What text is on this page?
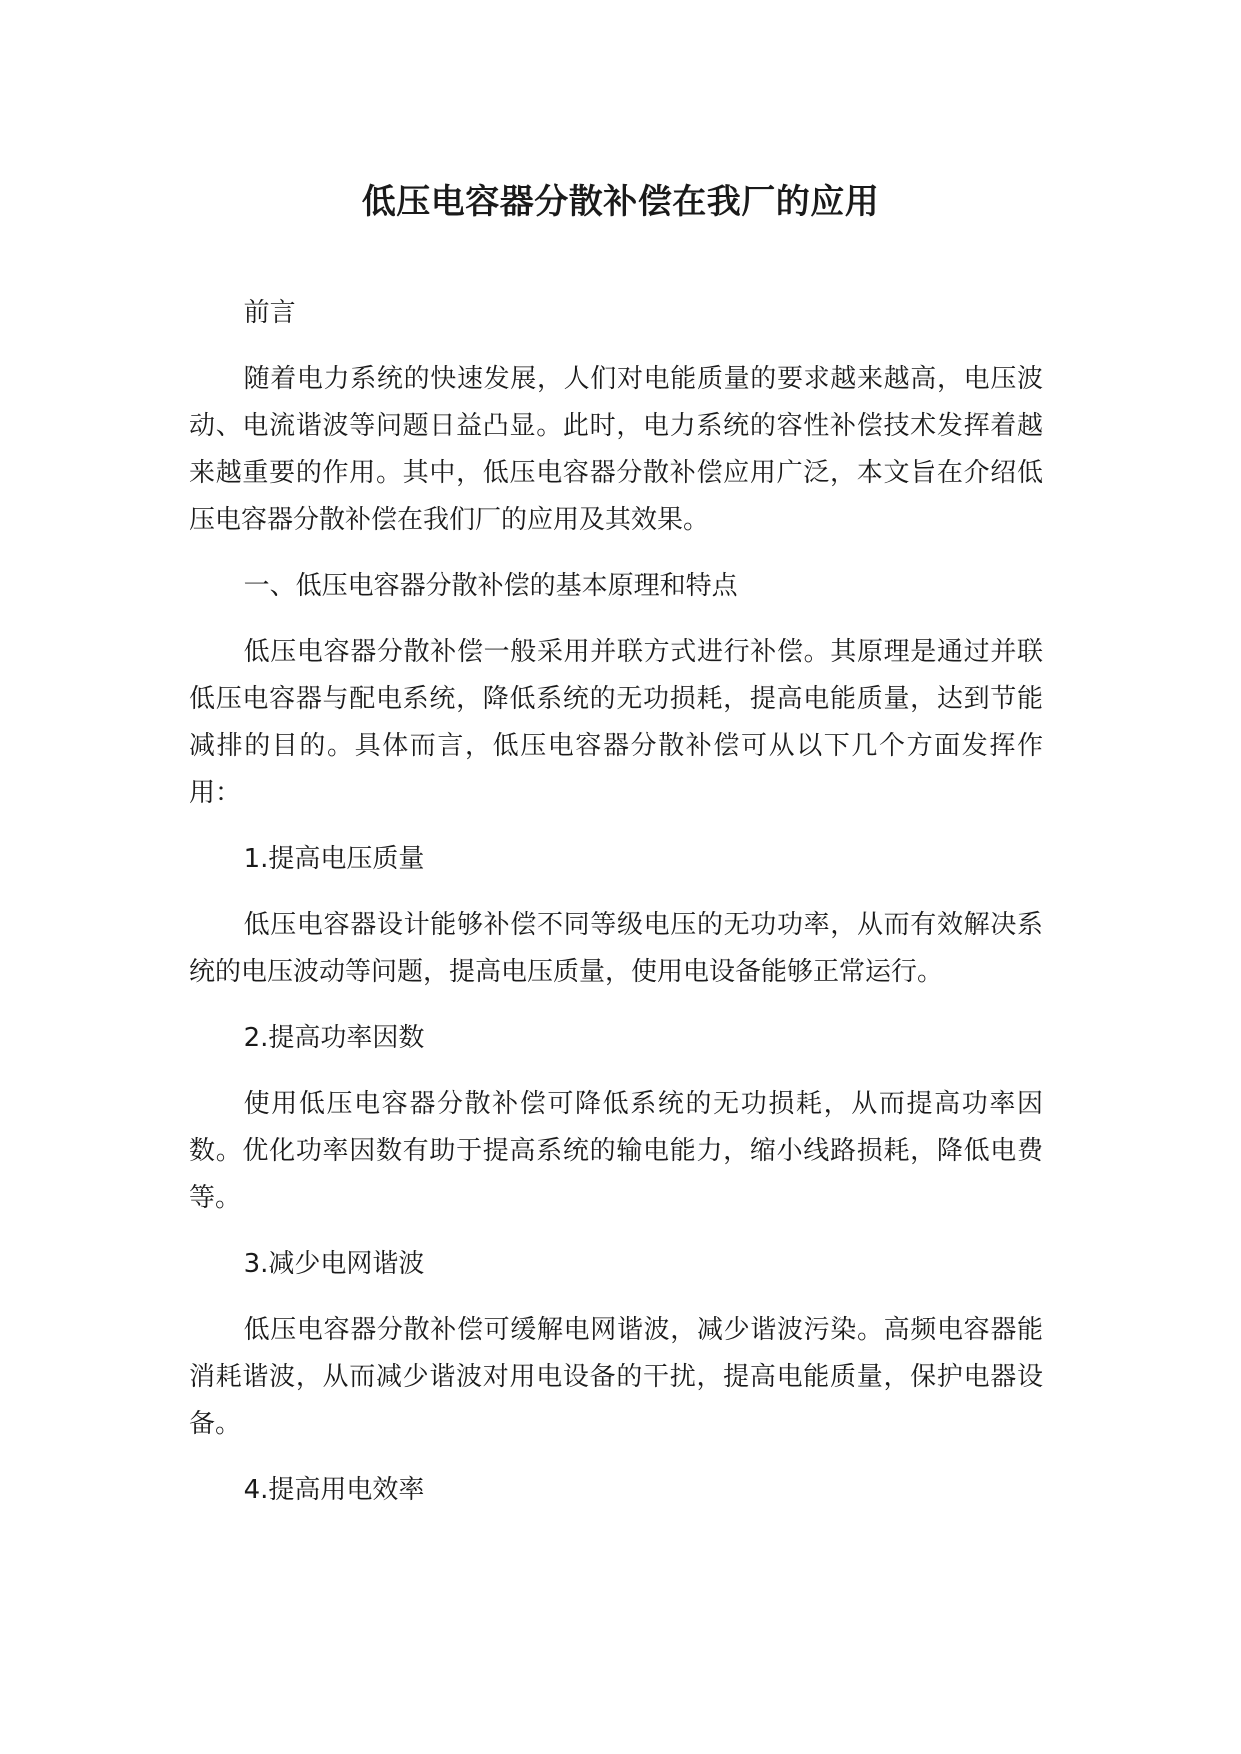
低压电容器分散补偿在我厂的应用

前言

随着电力系统的快速发展，人们对电能质量的要求越来越高，电压波动、电流谐波等问题日益凸显。此时，电力系统的容性补偿技术发挥着越来越重要的作用。其中，低压电容器分散补偿应用广泛，本文旨在介绍低压电容器分散补偿在我们厂的应用及其效果。

一、低压电容器分散补偿的基本原理和特点

低压电容器分散补偿一般采用并联方式进行补偿。其原理是通过并联低压电容器与配电系统，降低系统的无功损耗，提高电能质量，达到节能减排的目的。具体而言，低压电容器分散补偿可从以下几个方面发挥作用：

1.提高电压质量

低压电容器设计能够补偿不同等级电压的无功功率，从而有效解决系统的电压波动等问题，提高电压质量，使用电设备能够正常运行。

2.提高功率因数

使用低压电容器分散补偿可降低系统的无功损耗，从而提高功率因数。优化功率因数有助于提高系统的输电能力，缩小线路损耗，降低电费等。

3.减少电网谐波

低压电容器分散补偿可缓解电网谐波，减少谐波污染。高频电容器能消耗谐波，从而减少谐波对用电设备的干扰，提高电能质量，保护电器设备。

4.提高用电效率
